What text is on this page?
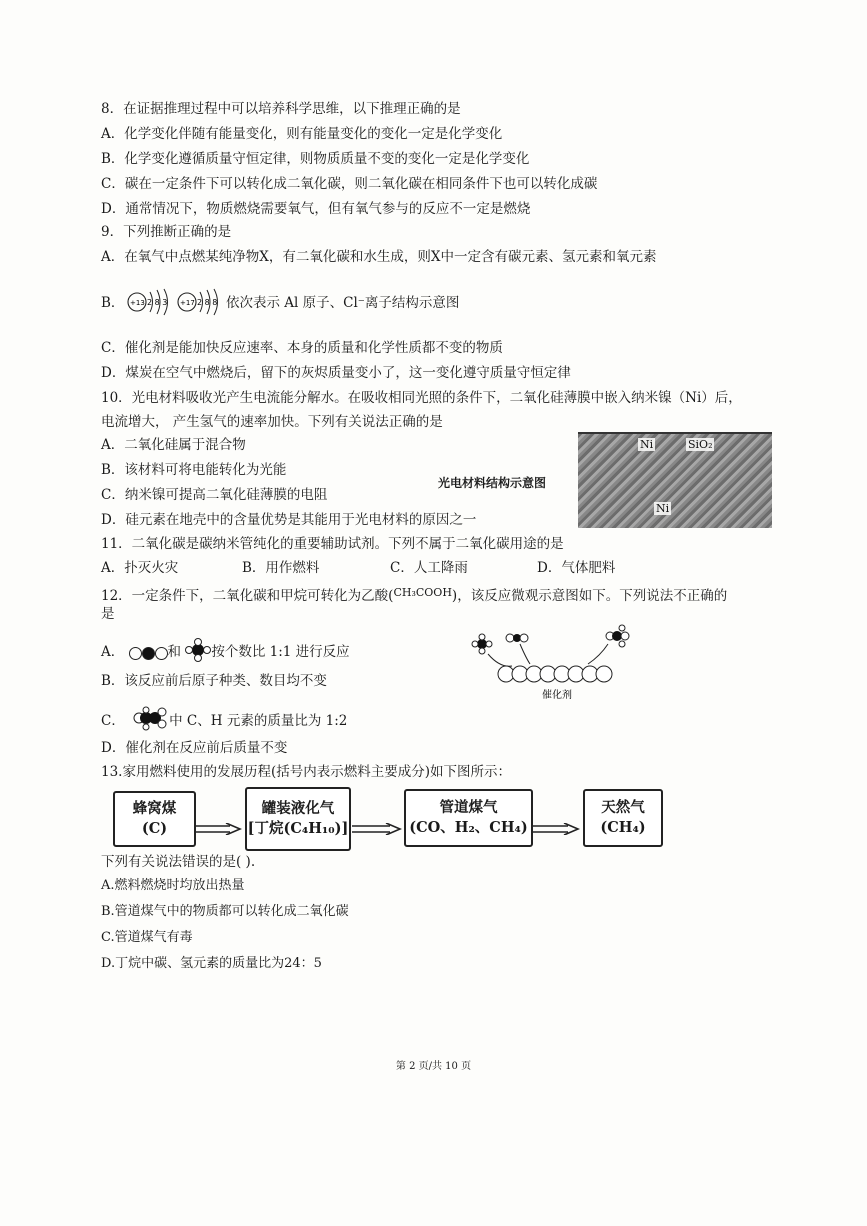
8．在证据推理过程中可以培养科学思维，以下推理正确的是
A．化学变化伴随有能量变化，则有能量变化的变化一定是化学变化
B．化学变化遵循质量守恒定律，则物质质量不变的变化一定是化学变化
C．碳在一定条件下可以转化成二氧化碳，则二氧化碳在相同条件下也可以转化成碳
D．通常情况下，物质燃烧需要氧气，但有氧气参与的反应不一定是燃烧
9．下列推断正确的是
A．在氧气中点燃某纯净物X，有二氧化碳和水生成，则X中一定含有碳元素、氢元素和氧元素
B． +13 2 8 3 +17 2 8 8 依次表示 Al 原子、Cl⁻离子结构示意图
C．催化剂是能加快反应速率、本身的质量和化学性质都不变的物质
D．煤炭在空气中燃烧后，留下的灰烬质量变小了，这一变化遵守质量守恒定律
10．光电材料吸收光产生电流能分解水。在吸收相同光照的条件下，二氧化硅薄膜中嵌入纳米镍（Ni）后，
电流增大， 产生氢气的速率加快。下列有关说法正确的是
A．二氧化硅属于混合物
B．该材料可将电能转化为光能
C．纳米镍可提高二氧化硅薄膜的电阻
D．硅元素在地壳中的含量优势是其能用于光电材料的原因之一
光电材料结构示意图
Ni	SiO₂
Ni
11．二氧化碳是碳纳米管纯化的重要辅助试剂。下列不属于二氧化碳用途的是
A．扑灭火灾	B．用作燃料	C．人工降雨	D．气体肥料
12．一定条件下，二氧化碳和甲烷可转化为乙酸($^{CH_3COOH}$)，该反应微观示意图如下。下列说法不正确的
是
A．	和 按个数比 1:1 进行反应
B．该反应前后原子种类、数目均不变
C．	中 C、H 元素的质量比为 1:2
D．催化剂在反应前后质量不变
催化剂
13.家用燃料使用的发展历程(括号内表示燃料主要成分)如下图所示：
蜂窝煤
(C)
罐装液化气
[丁烷(C₄H₁₀)]
管道煤气
(CO、H₂、CH₄)
天然气
(CH₄)
下列有关说法错误的是( ).
A.燃料燃烧时均放出热量
B.管道煤气中的物质都可以转化成二氧化碳
C.管道煤气有毒
D.丁烷中碳、氢元素的质量比为24：5
第 2 页/共 10 页
